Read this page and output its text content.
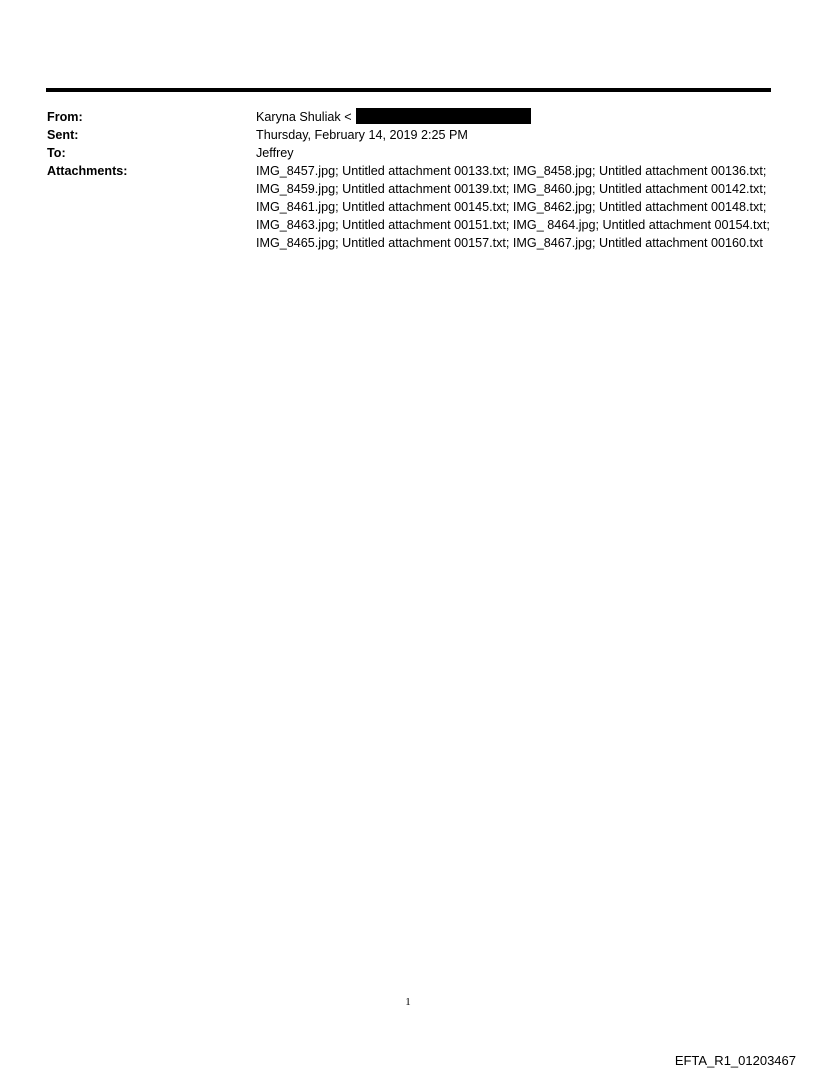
From:	Karyna Shuliak <
Sent:	Thursday, February 14, 2019 2:25 PM
To:	Jeffrey
Attachments:	IMG_8457.jpg; Untitled attachment 00133.txt; IMG_8458.jpg; Untitled attachment 00136.txt; IMG_8459.jpg; Untitled attachment 00139.txt; IMG_8460.jpg; Untitled attachment 00142.txt; IMG_8461.jpg; Untitled attachment 00145.txt; IMG_8462.jpg; Untitled attachment 00148.txt; IMG_8463.jpg; Untitled attachment 00151.txt; IMG_ 8464.jpg; Untitled attachment 00154.txt; IMG_8465.jpg; Untitled attachment 00157.txt; IMG_8467.jpg; Untitled attachment 00160.txt
1
EFTA_R1_01203467
